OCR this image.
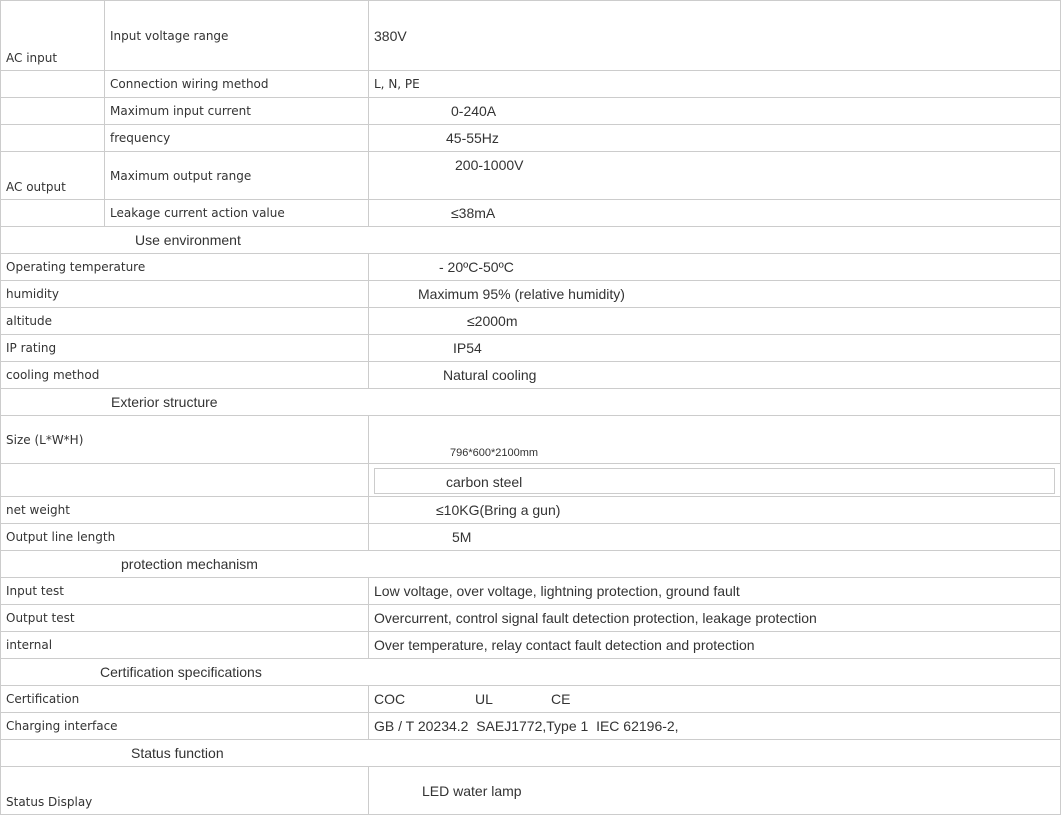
AC input	Input voltage range	380V
	Connection wiring method	L, N, PE
	Maximum input current	0-240A
	frequency	45-55Hz
AC output	Maximum output range	200-1000V
	Leakage current action value	≤38mA
Use environment		
Operating temperature		- 20ºC-50ºC
humidity		Maximum 95% (relative humidity)
altitude		≤2000m
IP rating		IP54
cooling method		Natural cooling
Exterior structure		
Size (L*W*H)		796*600*2100mm

		carbon steel

net weight		≤10KG(Bring a gun)
Output line length		5M
protection mechanism		
Input test		Low voltage, over voltage, lightning protection, ground fault
Output test		Overcurrent, control signal fault detection protection, leakage protection
internal		Over temperature, relay contact fault detection and protection
Certification specifications		
Certification		COC UL CE
Charging interface		GB / T 20234.2  SAEJ1772,Type 1  IEC 62196-2,
Status function		
Status Display		LED water lamp
